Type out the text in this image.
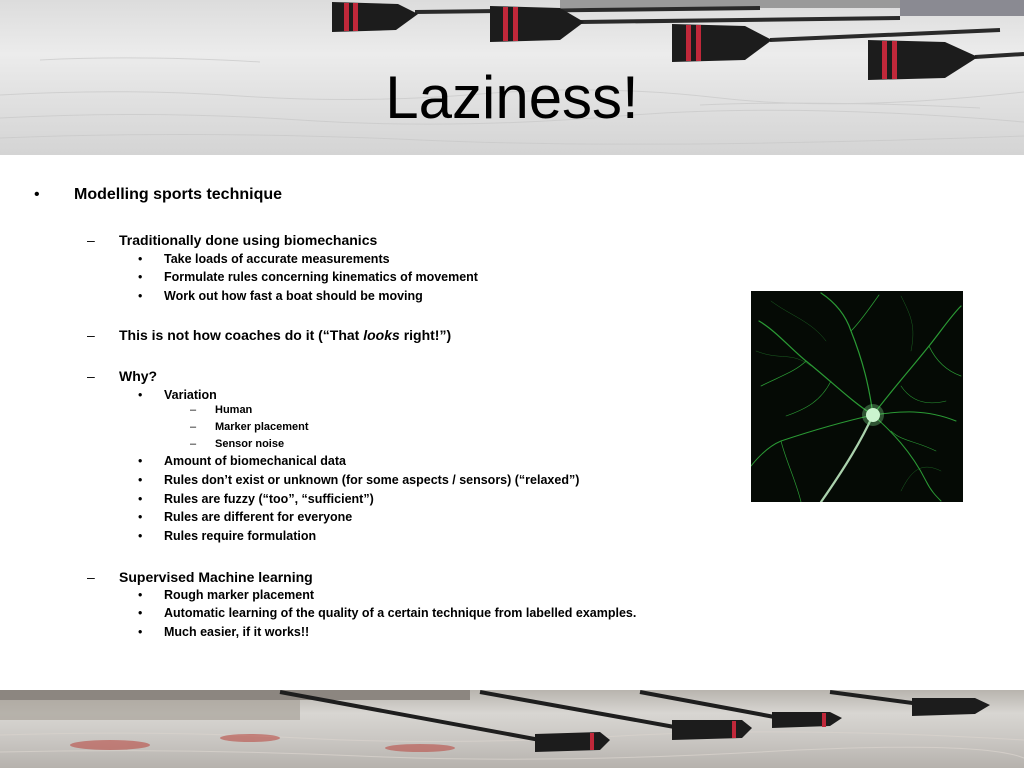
Laziness!
• Modelling sports technique
– Traditionally done using biomechanics
• Take loads of accurate measurements
• Formulate rules concerning kinematics of movement
• Work out how fast a boat should be moving
– This is not how coaches do it (“That looks right!”)
– Why?
• Variation
– Human
– Marker placement
– Sensor noise
• Amount of biomechanical data
• Rules don’t exist or unknown (for some aspects / sensors) (“relaxed”)
• Rules are fuzzy (“too”, “sufficient”)
• Rules are different for everyone
• Rules require formulation
– Supervised Machine learning
• Rough marker placement
• Automatic learning of the quality of a certain technique from labelled examples.
• Much easier, if it works!!
